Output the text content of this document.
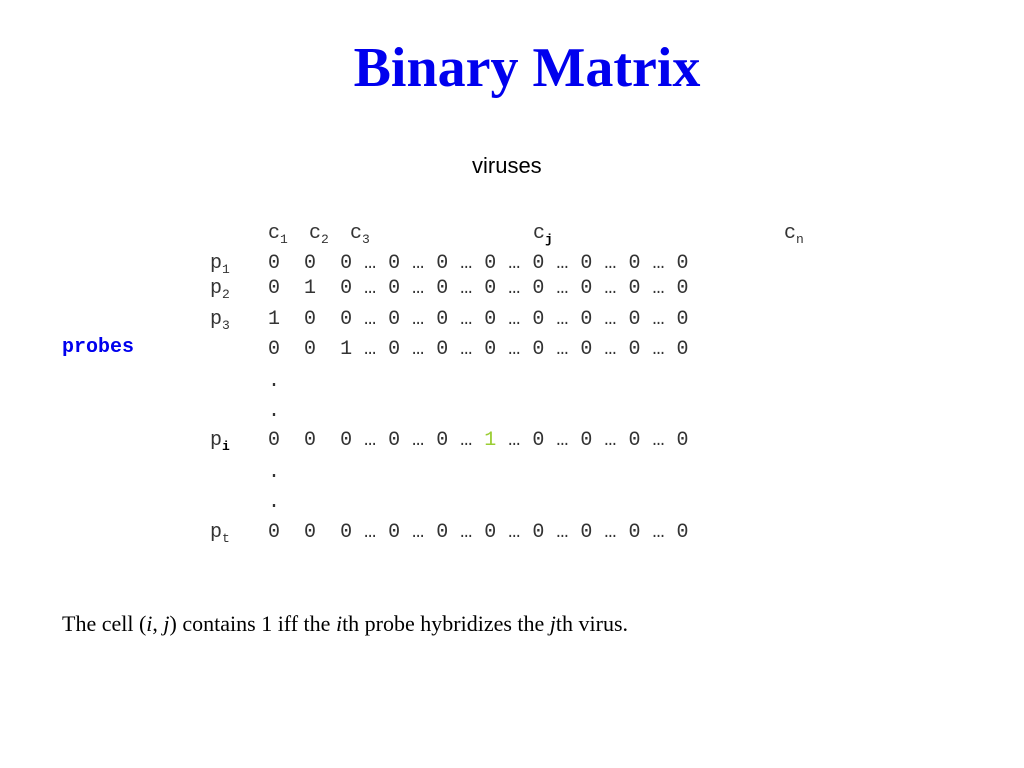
Binary Matrix
viruses
$c_1$ $c_2$ $c_3$	$c_j$	$c_n$
$p_1$
$p_2$
$p_3$
$p_i$
$p_t$
probes
0 0 0 … 0 … 0 … 0 … 0 … 0 … 0 … 0
0 1 0 … 0 … 0 … 0 … 0 … 0 … 0 … 0
1 0 0 … 0 … 0 … 0 … 0 … 0 … 0 … 0
0 0 1 … 0 … 0 … 0 … 0 … 0 … 0 … 0
.
.
0 0 0 … 0 … 0 … 1 … 0 … 0 … 0 … 0
.
.
0 0 0 … 0 … 0 … 0 … 0 … 0 … 0 … 0
The cell (i, j) contains 1 iff the ith probe hybridizes the jth virus.
